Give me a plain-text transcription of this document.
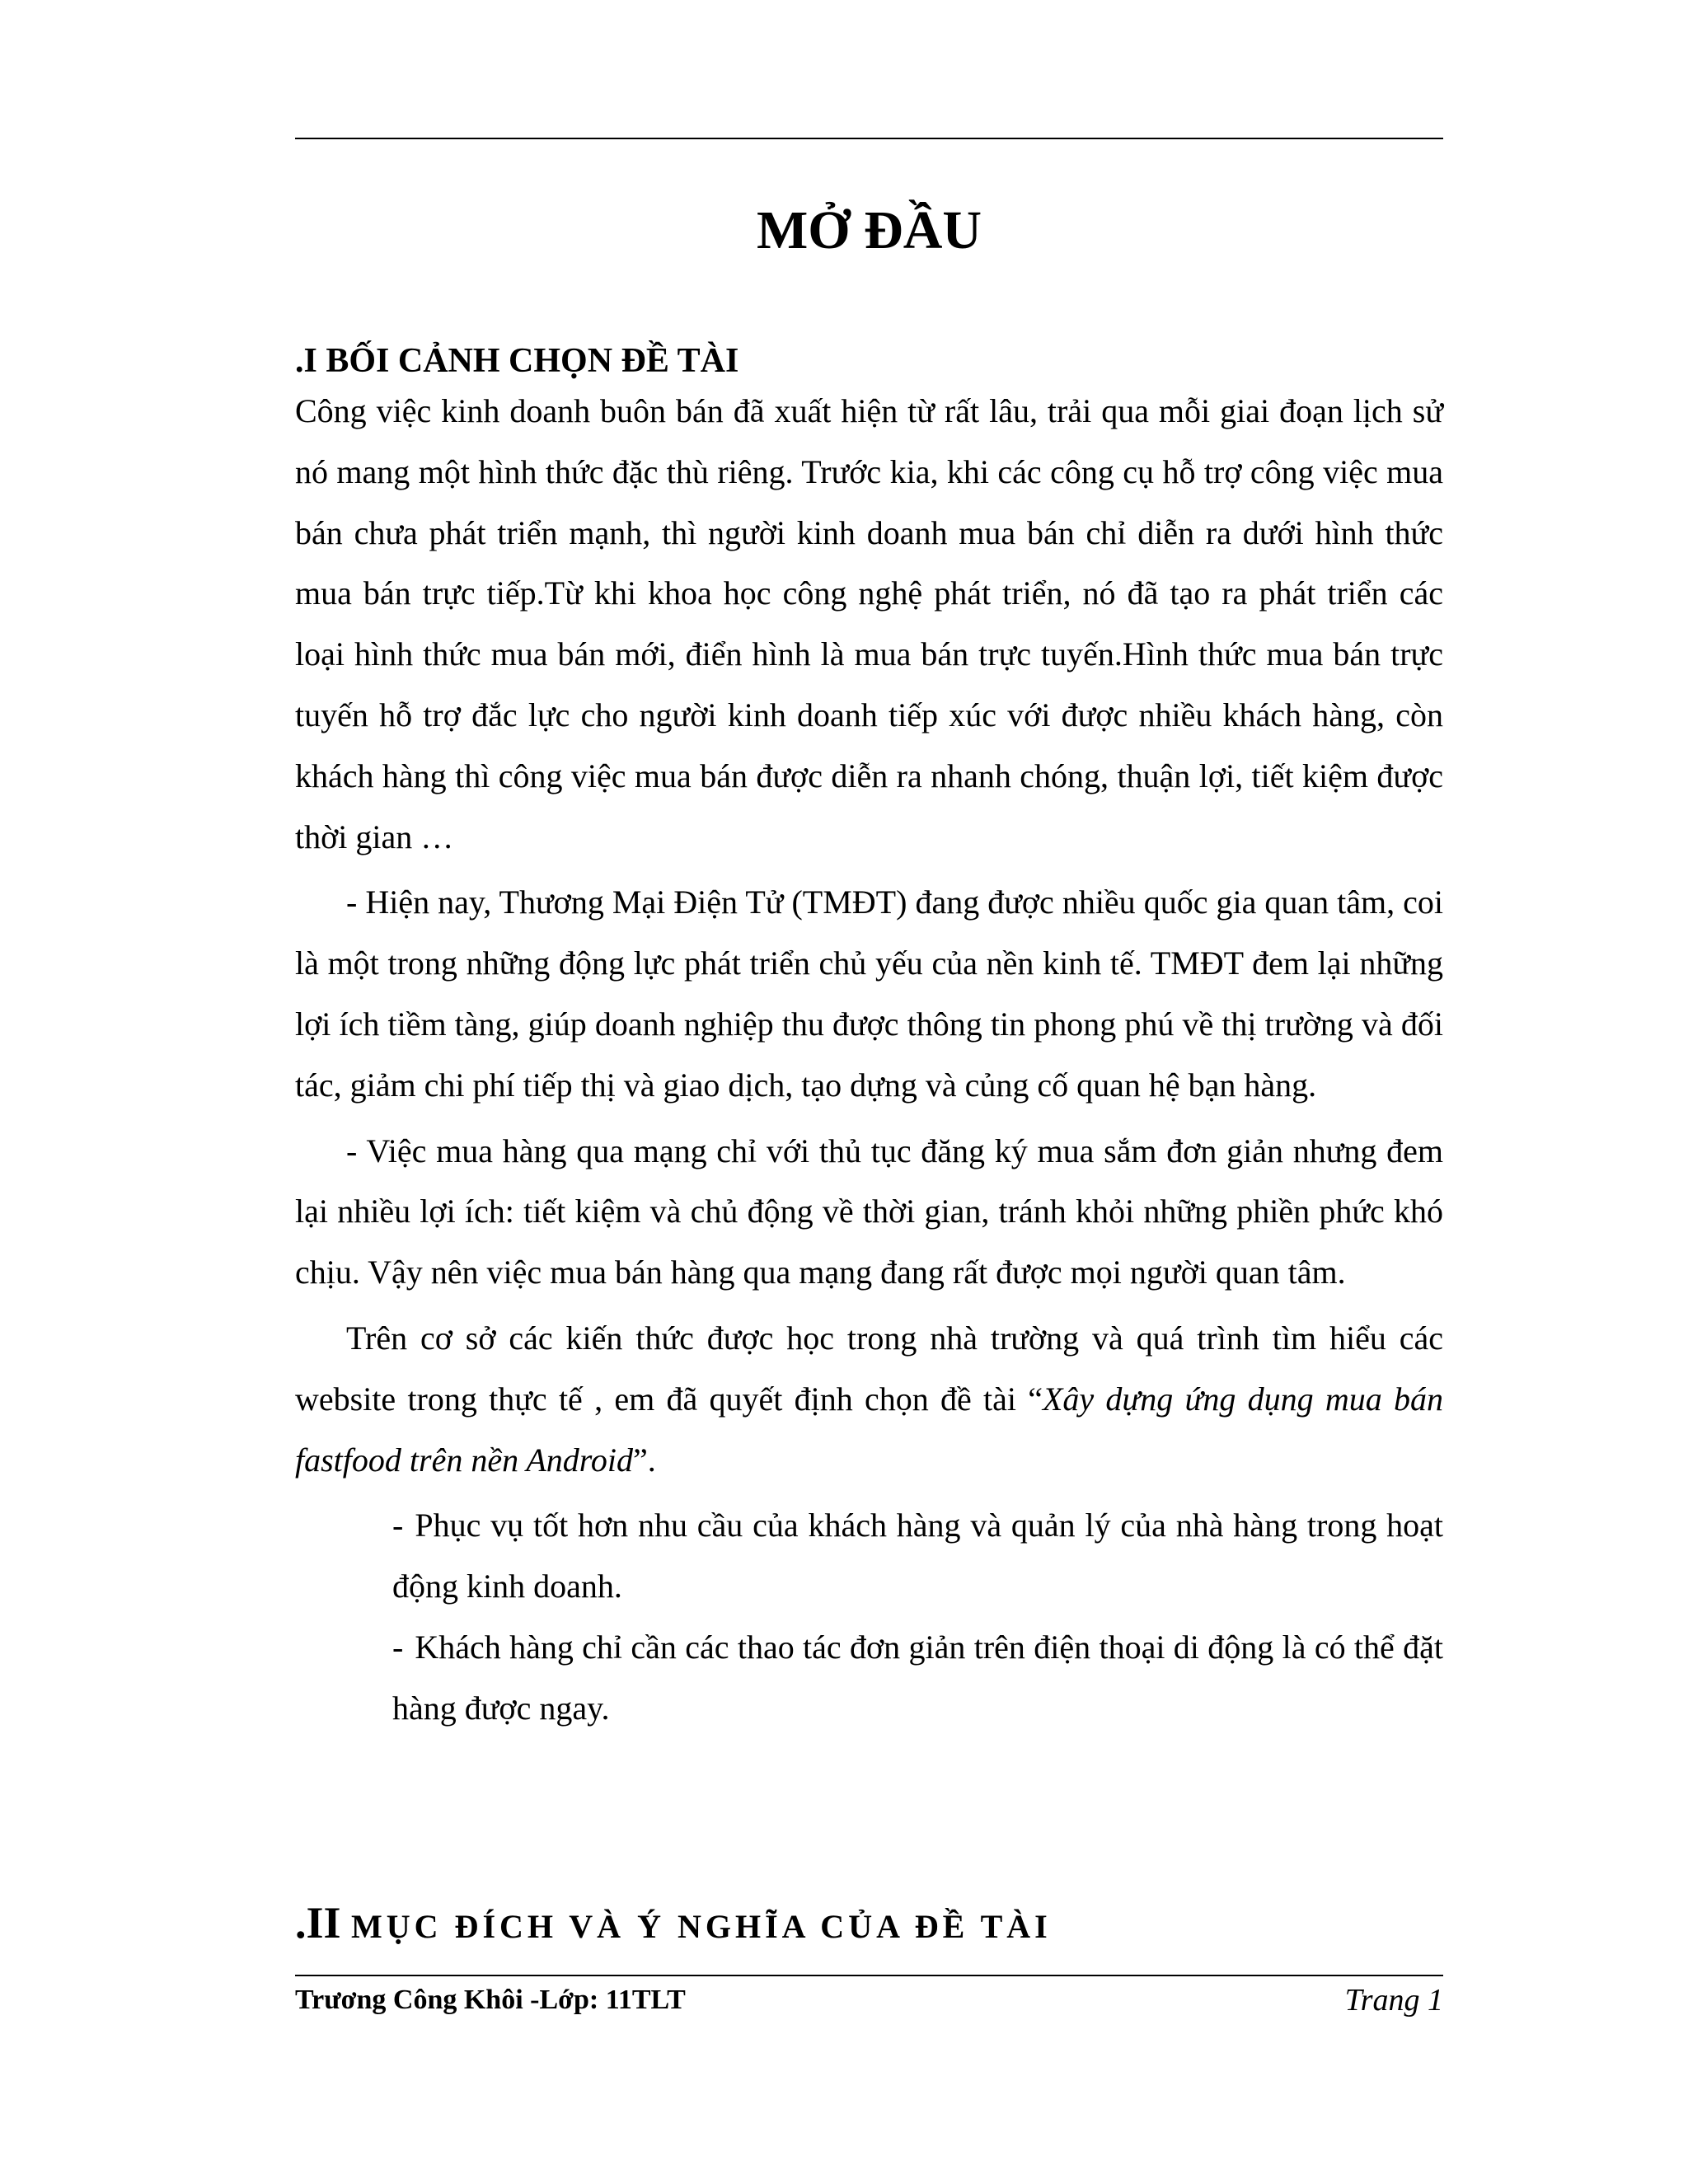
MỞ ĐẦU
.I BỐI CẢNH CHỌN ĐỀ TÀI

Công việc kinh doanh buôn bán đã xuất hiện từ rất lâu, trải qua mỗi giai đoạn lịch sử nó mang một hình thức đặc thù riêng. Trước kia, khi các công cụ hỗ trợ công việc mua bán chưa phát triển mạnh, thì người kinh doanh mua bán chỉ diễn ra dưới hình thức mua bán trực tiếp.Từ khi khoa học công nghệ phát triển, nó đã tạo ra phát triển các loại hình thức mua bán mới, điển hình là mua bán trực tuyến.Hình thức mua bán trực tuyến hỗ trợ đắc lực cho người kinh doanh tiếp xúc với được nhiều khách hàng, còn khách hàng thì công việc mua bán được diễn ra nhanh chóng, thuận lợi, tiết kiệm được thời gian …

- Hiện nay, Thương Mại Điện Tử (TMĐT) đang được nhiều quốc gia quan tâm, coi là một trong những động lực phát triển chủ yếu của nền kinh tế. TMĐT đem lại những lợi ích tiềm tàng, giúp doanh nghiệp thu được thông tin phong phú về thị trường và đối tác, giảm chi phí tiếp thị và giao dịch, tạo dựng và củng cố quan hệ bạn hàng.

- Việc mua hàng qua mạng chỉ với thủ tục đăng ký mua sắm đơn giản nhưng đem lại nhiều lợi ích: tiết kiệm và chủ động về thời gian, tránh khỏi những phiền phức khó chịu. Vậy nên việc mua bán hàng qua mạng đang rất được mọi người quan tâm.

Trên cơ sở các kiến thức được học trong nhà trường và quá trình tìm hiểu các website trong thực tế , em đã quyết định chọn đề tài “Xây dựng ứng dụng mua bán fastfood trên nền Android”.

- Phục vụ tốt hơn nhu cầu của khách hàng và quản lý của nhà hàng trong hoạt động kinh doanh.

- Khách hàng chỉ cần các thao tác đơn giản trên điện thoại di động là có thể đặt hàng được ngay.

.II MỤC ĐÍCH VÀ Ý NGHĨA CỦA ĐỀ TÀI
Trương Công Khôi -Lớp: 11TLT	Trang 1
